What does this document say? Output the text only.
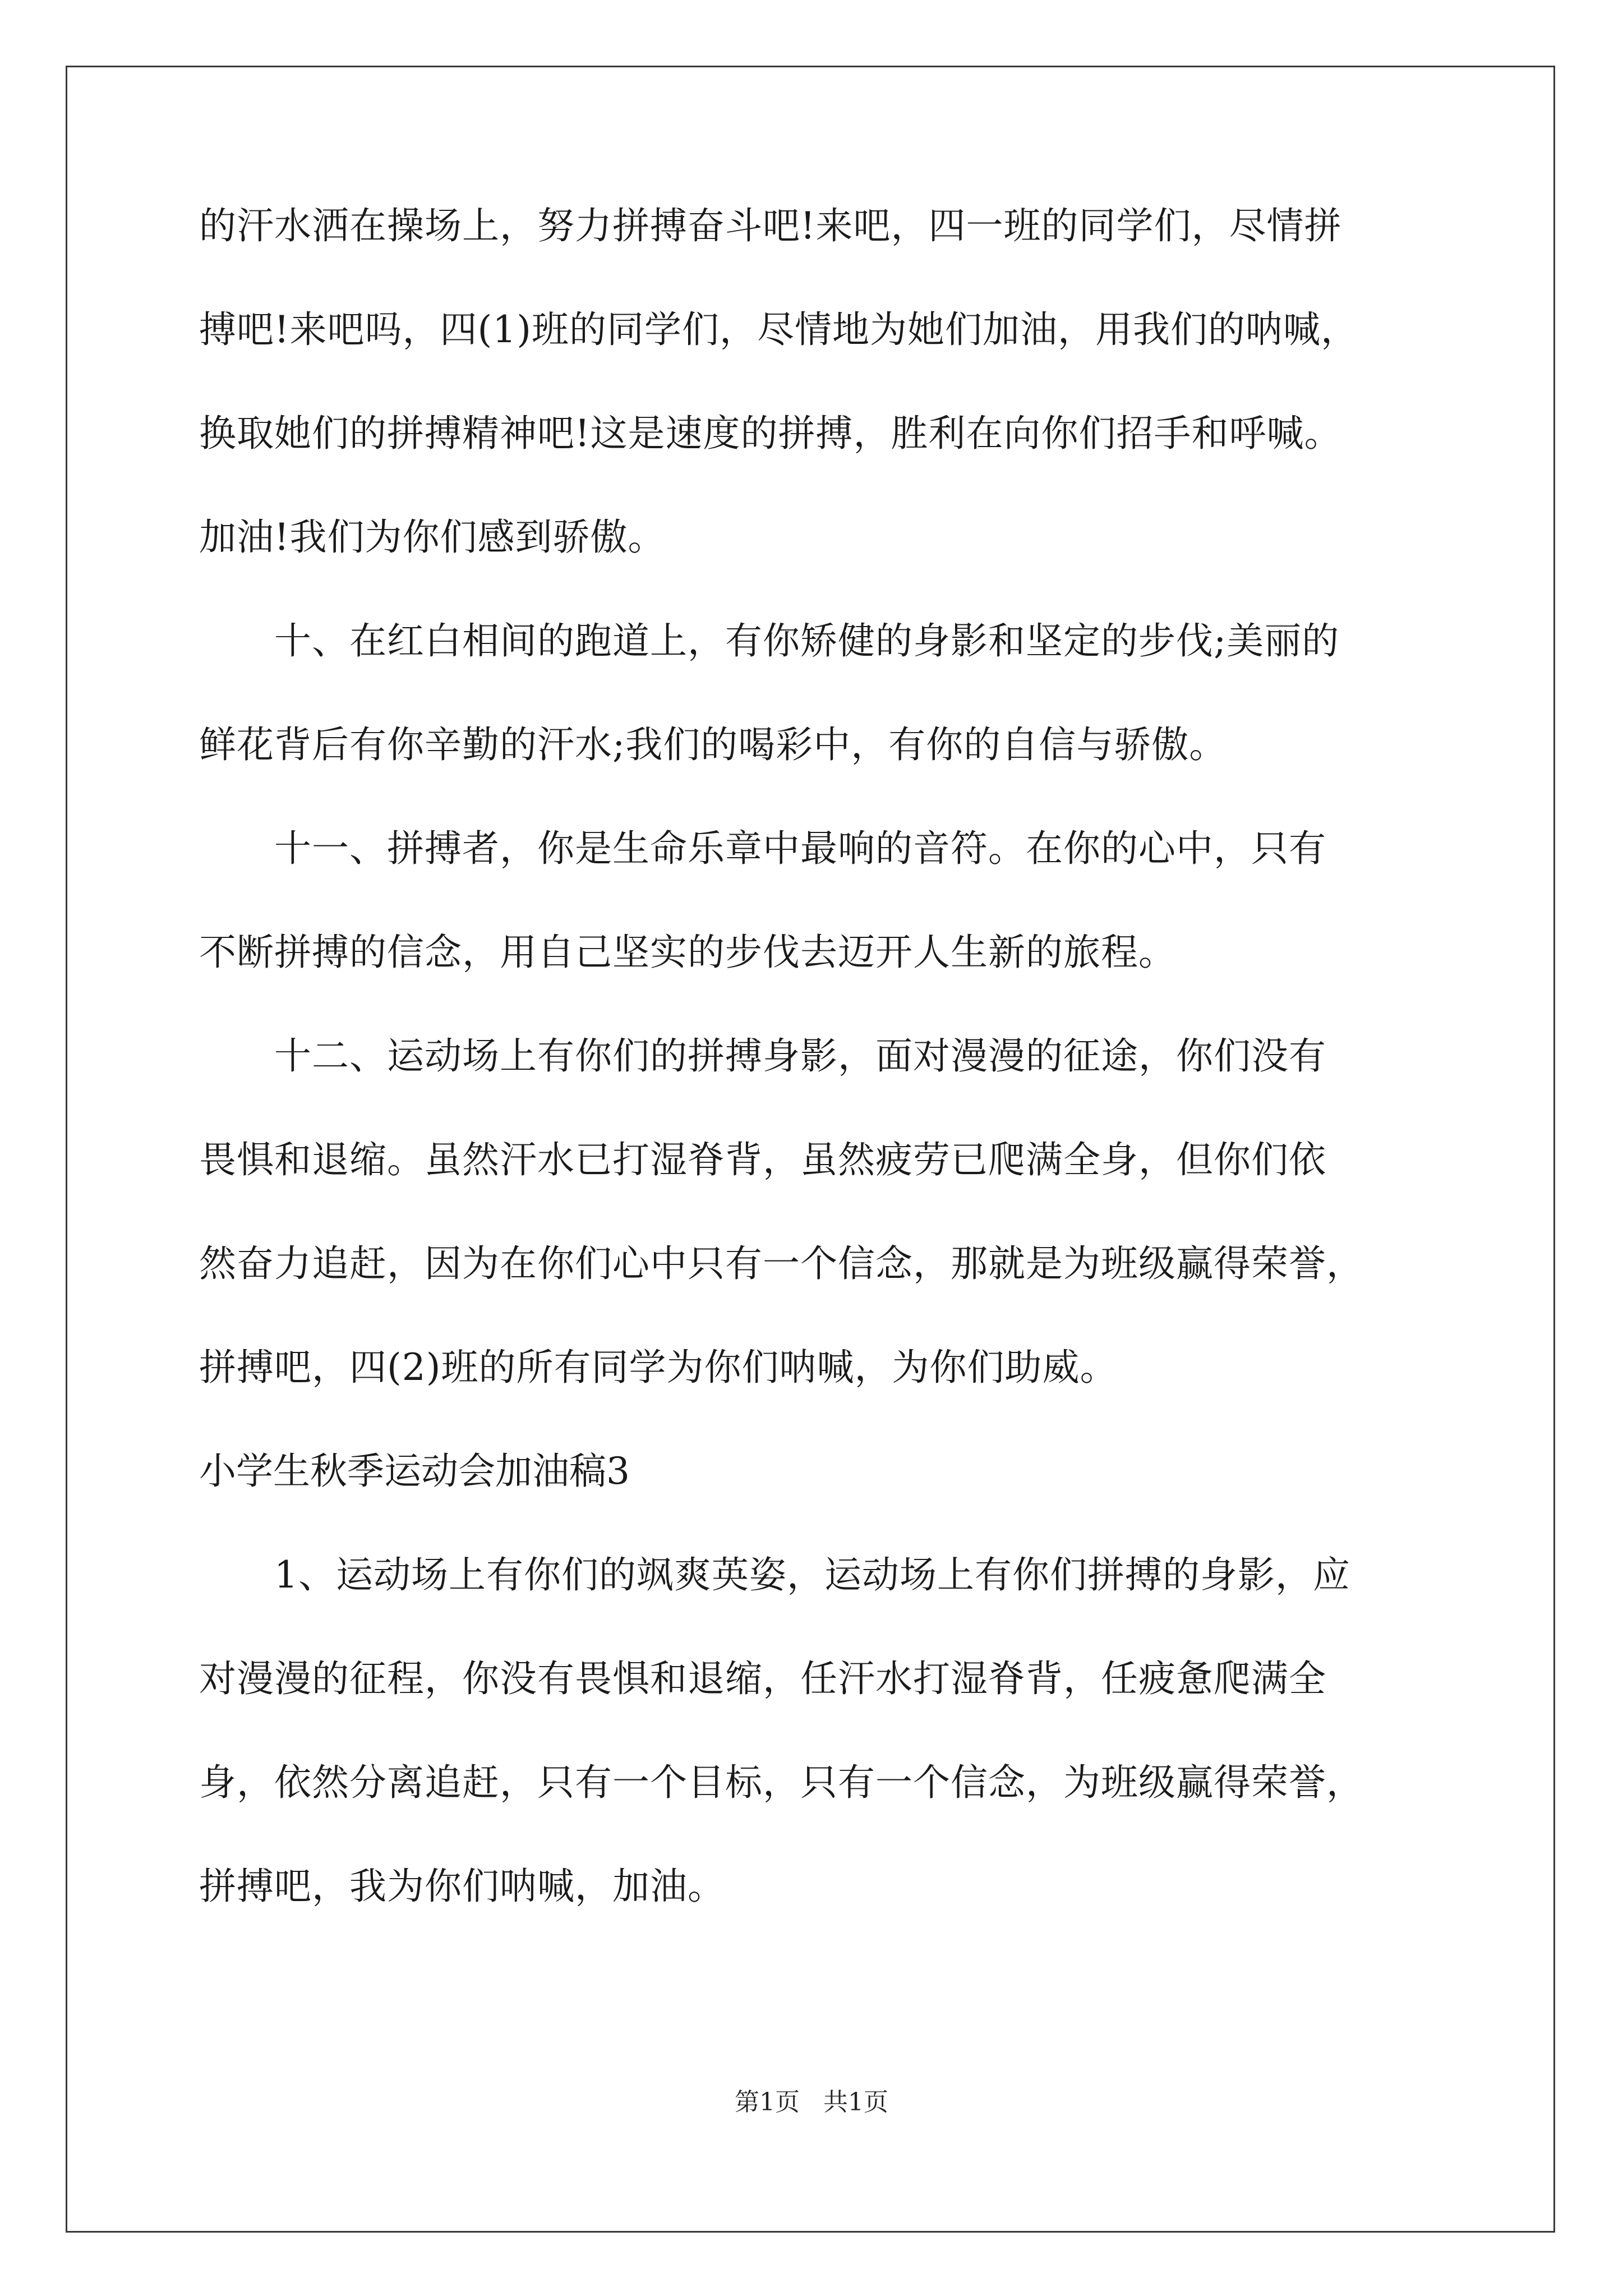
的汗水洒在操场上，努力拼搏奋斗吧!来吧，四一班的同学们，尽情拼
搏吧!来吧吗，四(1)班的同学们，尽情地为她们加油，用我们的呐喊，
换取她们的拼搏精神吧!这是速度的拼搏，胜利在向你们招手和呼喊。
加油!我们为你们感到骄傲。
　　十、在红白相间的跑道上，有你矫健的身影和坚定的步伐;美丽的
鲜花背后有你辛勤的汗水;我们的喝彩中，有你的自信与骄傲。
　　十一、拼搏者，你是生命乐章中最响的音符。在你的心中，只有
不断拼搏的信念，用自己坚实的步伐去迈开人生新的旅程。
　　十二、运动场上有你们的拼搏身影，面对漫漫的征途，你们没有
畏惧和退缩。虽然汗水已打湿脊背，虽然疲劳已爬满全身，但你们依
然奋力追赶，因为在你们心中只有一个信念，那就是为班级赢得荣誉，
拼搏吧，四(2)班的所有同学为你们呐喊，为你们助威。
小学生秋季运动会加油稿3
　　1、运动场上有你们的飒爽英姿，运动场上有你们拼搏的身影，应
对漫漫的征程，你没有畏惧和退缩，任汗水打湿脊背，任疲惫爬满全
身，依然分离追赶，只有一个目标，只有一个信念，为班级赢得荣誉，
拼搏吧，我为你们呐喊，加油。
第1页 共1页
